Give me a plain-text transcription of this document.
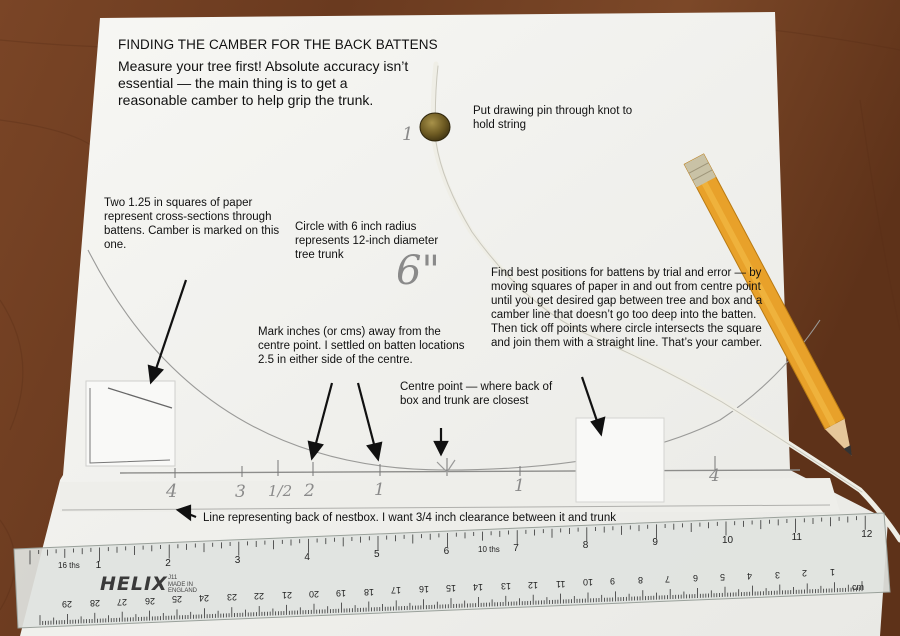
FINDING THE CAMBER FOR THE BACK BATTENS
Measure your tree first! Absolute accuracy isn’t essential — the main thing is to get a reasonable camber to help grip the trunk.
Put drawing pin through knot to hold string
Two 1.25 in squares of paper represent cross-sections through battens. Camber is marked on this one.
Circle with 6 inch radius represents 12-inch diameter tree trunk
Find best positions for battens by trial and error — by moving squares of paper in and out from centre point until you get desired gap between tree and box and a camber line that doesn’t go too deep into the batten. Then tick off points where circle intersects the square and join them with a straight line. That’s your camber.
Mark inches (or cms) away from the centre point. I settled on batten locations 2.5 in either side of the centre.
Centre point — where back of box and trunk are closest
Line representing back of nestbox. I want 3/4 inch clearance between it and trunk
6"
1
4	3 1/2 2	1	1	4
16 ths
10 ths
HELIX J11
MADE IN ENGLAND	cm
1	2	3	4	5	6	7	8	9	10	11	12
1
2
3
4
5
6
7
8
9
10
11
12
13
14
15
16
17
18
19
20
21
22
23
24
25
26
27
28
29
